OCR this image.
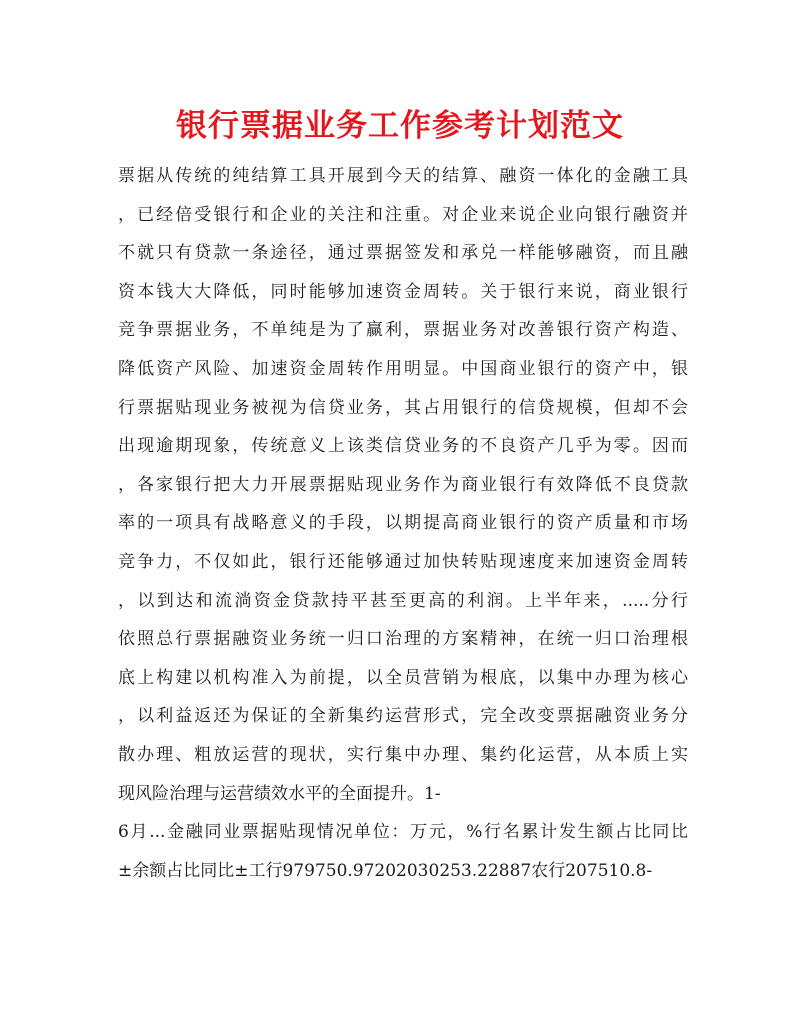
银行票据业务工作参考计划范文
票据从传统的纯结算工具开展到今天的结算、融资一体化的金融工具
，已经倍受银行和企业的关注和注重。对企业来说企业向银行融资并
不就只有贷款一条途径，通过票据签发和承兑一样能够融资，而且融
资本钱大大降低，同时能够加速资金周转。关于银行来说，商业银行
竞争票据业务，不单纯是为了赢利，票据业务对改善银行资产构造、
降低资产风险、加速资金周转作用明显。中国商业银行的资产中，银
行票据贴现业务被视为信贷业务，其占用银行的信贷规模，但却不会
出现逾期现象，传统意义上该类信贷业务的不良资产几乎为零。因而
，各家银行把大力开展票据贴现业务作为商业银行有效降低不良贷款
率的一项具有战略意义的手段，以期提高商业银行的资产质量和市场
竞争力，不仅如此，银行还能够通过加快转贴现速度来加速资金周转
，以到达和流淌资金贷款持平甚至更高的利润。上半年来，.....分行
依照总行票据融资业务统一归口治理的方案精神，在统一归口治理根
底上构建以机构准入为前提，以全员营销为根底，以集中办理为核心
，以利益返还为保证的全新集约运营形式，完全改变票据融资业务分
散办理、粗放运营的现状，实行集中办理、集约化运营，从本质上实
现风险治理与运营绩效水平的全面提升。1-
6月...金融同业票据贴现情况单位：万元，%行名累计发生额占比同比
±余额占比同比±工行979750.97202030253.22887农行207510.8-
